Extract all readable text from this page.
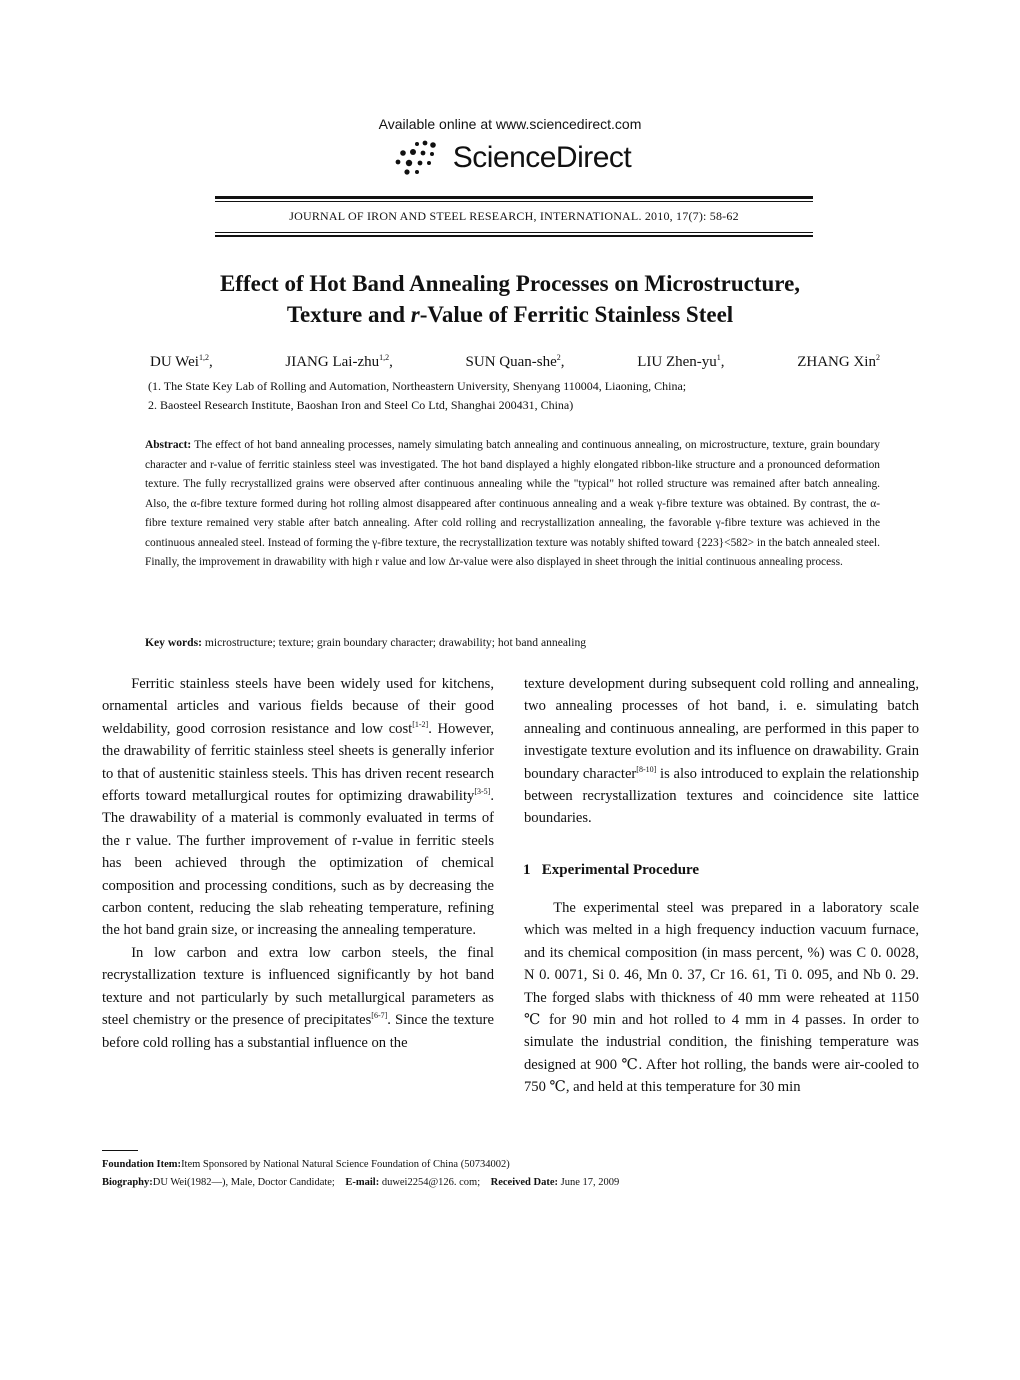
Available online at www.sciencedirect.com
ScienceDirect
JOURNAL OF IRON AND STEEL RESEARCH, INTERNATIONAL. 2010, 17(7): 58-62
Effect of Hot Band Annealing Processes on Microstructure,
Texture and r-Value of Ferritic Stainless Steel
DU Wei$^{1,2}$,	JIANG Lai-zhu$^{1,2}$,	SUN Quan-she$^2$,	LIU Zhen-$yu^1$,	ZHANG Xin$^2$
(1. The State Key Lab of Rolling and Automation, Northeastern University, Shenyang 110004, Liaoning, China;
2. Baosteel Research Institute, Baoshan Iron and Steel Co Ltd, Shanghai 200431, China)
Abstract: The effect of hot band annealing processes, namely simulating batch annealing and continuous annealing, on microstructure, texture, grain boundary character and r-value of ferritic stainless steel was investigated. The hot band displayed a highly elongated ribbon-like structure and a pronounced deformation texture. The fully recrystallized grains were observed after continuous annealing while the "typical" hot rolled structure was remained after batch annealing. Also, the α-fibre texture formed during hot rolling almost disappeared after continuous annealing and a weak γ-fibre texture was obtained. By contrast, the α-fibre texture remained very stable after batch annealing. After cold rolling and recrystallization annealing, the favorable γ-fibre texture was achieved in the continuous annealed steel. Instead of forming the γ-fibre texture, the recrystallization texture was notably shifted toward {223}<582> in the batch annealed steel. Finally, the improvement in drawability with high r value and low Δr-value were also displayed in sheet through the initial continuous annealing process.
Key words: microstructure; texture; grain boundary character; drawability; hot band annealing

Ferritic stainless steels have been widely used for kitchens, ornamental articles and various fields because of their good weldability, good corrosion resistance and low cost[1-2]. However, the drawability of ferritic stainless steel sheets is generally inferior to that of austenitic stainless steels. This has driven recent research efforts toward metallurgical routes for optimizing drawability[3-5]. The drawability of a material is commonly evaluated in terms of the r value. The further improvement of r-value in ferritic steels has been achieved through the optimization of chemical composition and processing conditions, such as by decreasing the carbon content, reducing the slab reheating temperature, refining the hot band grain size, or increasing the annealing temperature.

In low carbon and extra low carbon steels, the final recrystallization texture is influenced significantly by hot band texture and not particularly by such metallurgical parameters as steel chemistry or the presence of precipitates[6-7]. Since the texture before cold rolling has a substantial influence on the

texture development during subsequent cold rolling and annealing, two annealing processes of hot band, i. e. simulating batch annealing and continuous annealing, are performed in this paper to investigate texture evolution and its influence on drawability. Grain boundary character[8-10] is also introduced to explain the relationship between recrystallization textures and coincidence site lattice boundaries.

1 Experimental Procedure

The experimental steel was prepared in a laboratory scale which was melted in a high frequency induction vacuum furnace, and its chemical composition (in mass percent, %) was C 0. 0028, N 0. 0071, Si 0. 46, Mn 0. 37, Cr 16. 61, Ti 0. 095, and Nb 0. 29. The forged slabs with thickness of 40 mm were reheated at 1150 ℃ for 90 min and hot rolled to 4 mm in 4 passes. In order to simulate the industrial condition, the finishing temperature was designed at 900 ℃. After hot rolling, the bands were air-cooled to 750 ℃, and held at this temperature for 30 min

Foundation Item:Item Sponsored by National Natural Science Foundation of China (50734002)
Biography:DU Wei(1982—), Male, Doctor Candidate; E-mail: duwei2254@126. com; Received Date: June 17, 2009
